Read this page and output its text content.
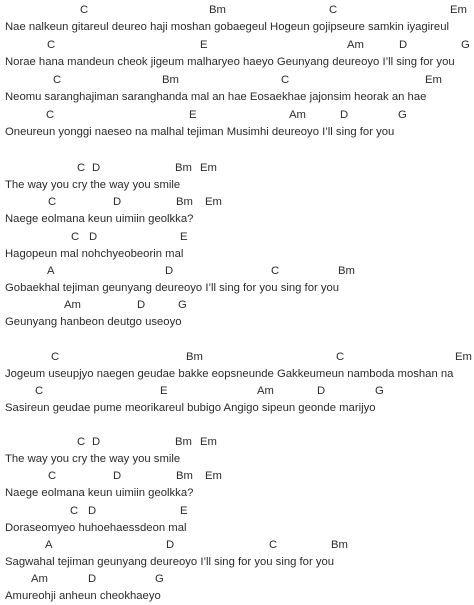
C	Bm	C	Em
Nae nalkeun gitareul deureo haji moshan gobaegeul Hogeun gojipseure samkin iyagireul
C	E	Am	D	G
Norae hana mandeun cheok jigeum malharyeo haeyo Geunyang deureoyo I’ll sing for you
C	Bm	C	Em
Neomu saranghajiman saranghanda mal an hae Eosaekhae jajonsim heorak an hae
C	E	Am	D	G
Oneureun yonggi naeseo na malhal tejiman Musimhi deureoyo I’ll sing for you
C D	Bm Em
The way you cry the way you smile
C	D	Bm Em
Naege eolmana keun uimiin geolkka?
C D	E
Hagopeun mal nohchyeobeorin mal
A	D	C	Bm
Gobaekhal tejiman geunyang deureoyo I’ll sing for you sing for you
Am	D	G
Geunyang hanbeon deutgo useoyo
C	Bm	C	Em
Jogeum useupjyo naegen geudae bakke eopsneunde Gakkeumeun namboda moshan na
C	E	Am	D	G
Sasireun geudae pume meorikareul bubigo Angigo sipeun geonde marijyo
C D	Bm Em
The way you cry the way you smile
C	D	Bm Em
Naege eolmana keun uimiin geolkka?
C D	E
Doraseomyeo huhoehaessdeon mal
A	D	C	Bm
Sagwahal tejiman geunyang deureoyo I’ll sing for you sing for you
Am	D	G
Amureohji anheun cheokhaeyo
